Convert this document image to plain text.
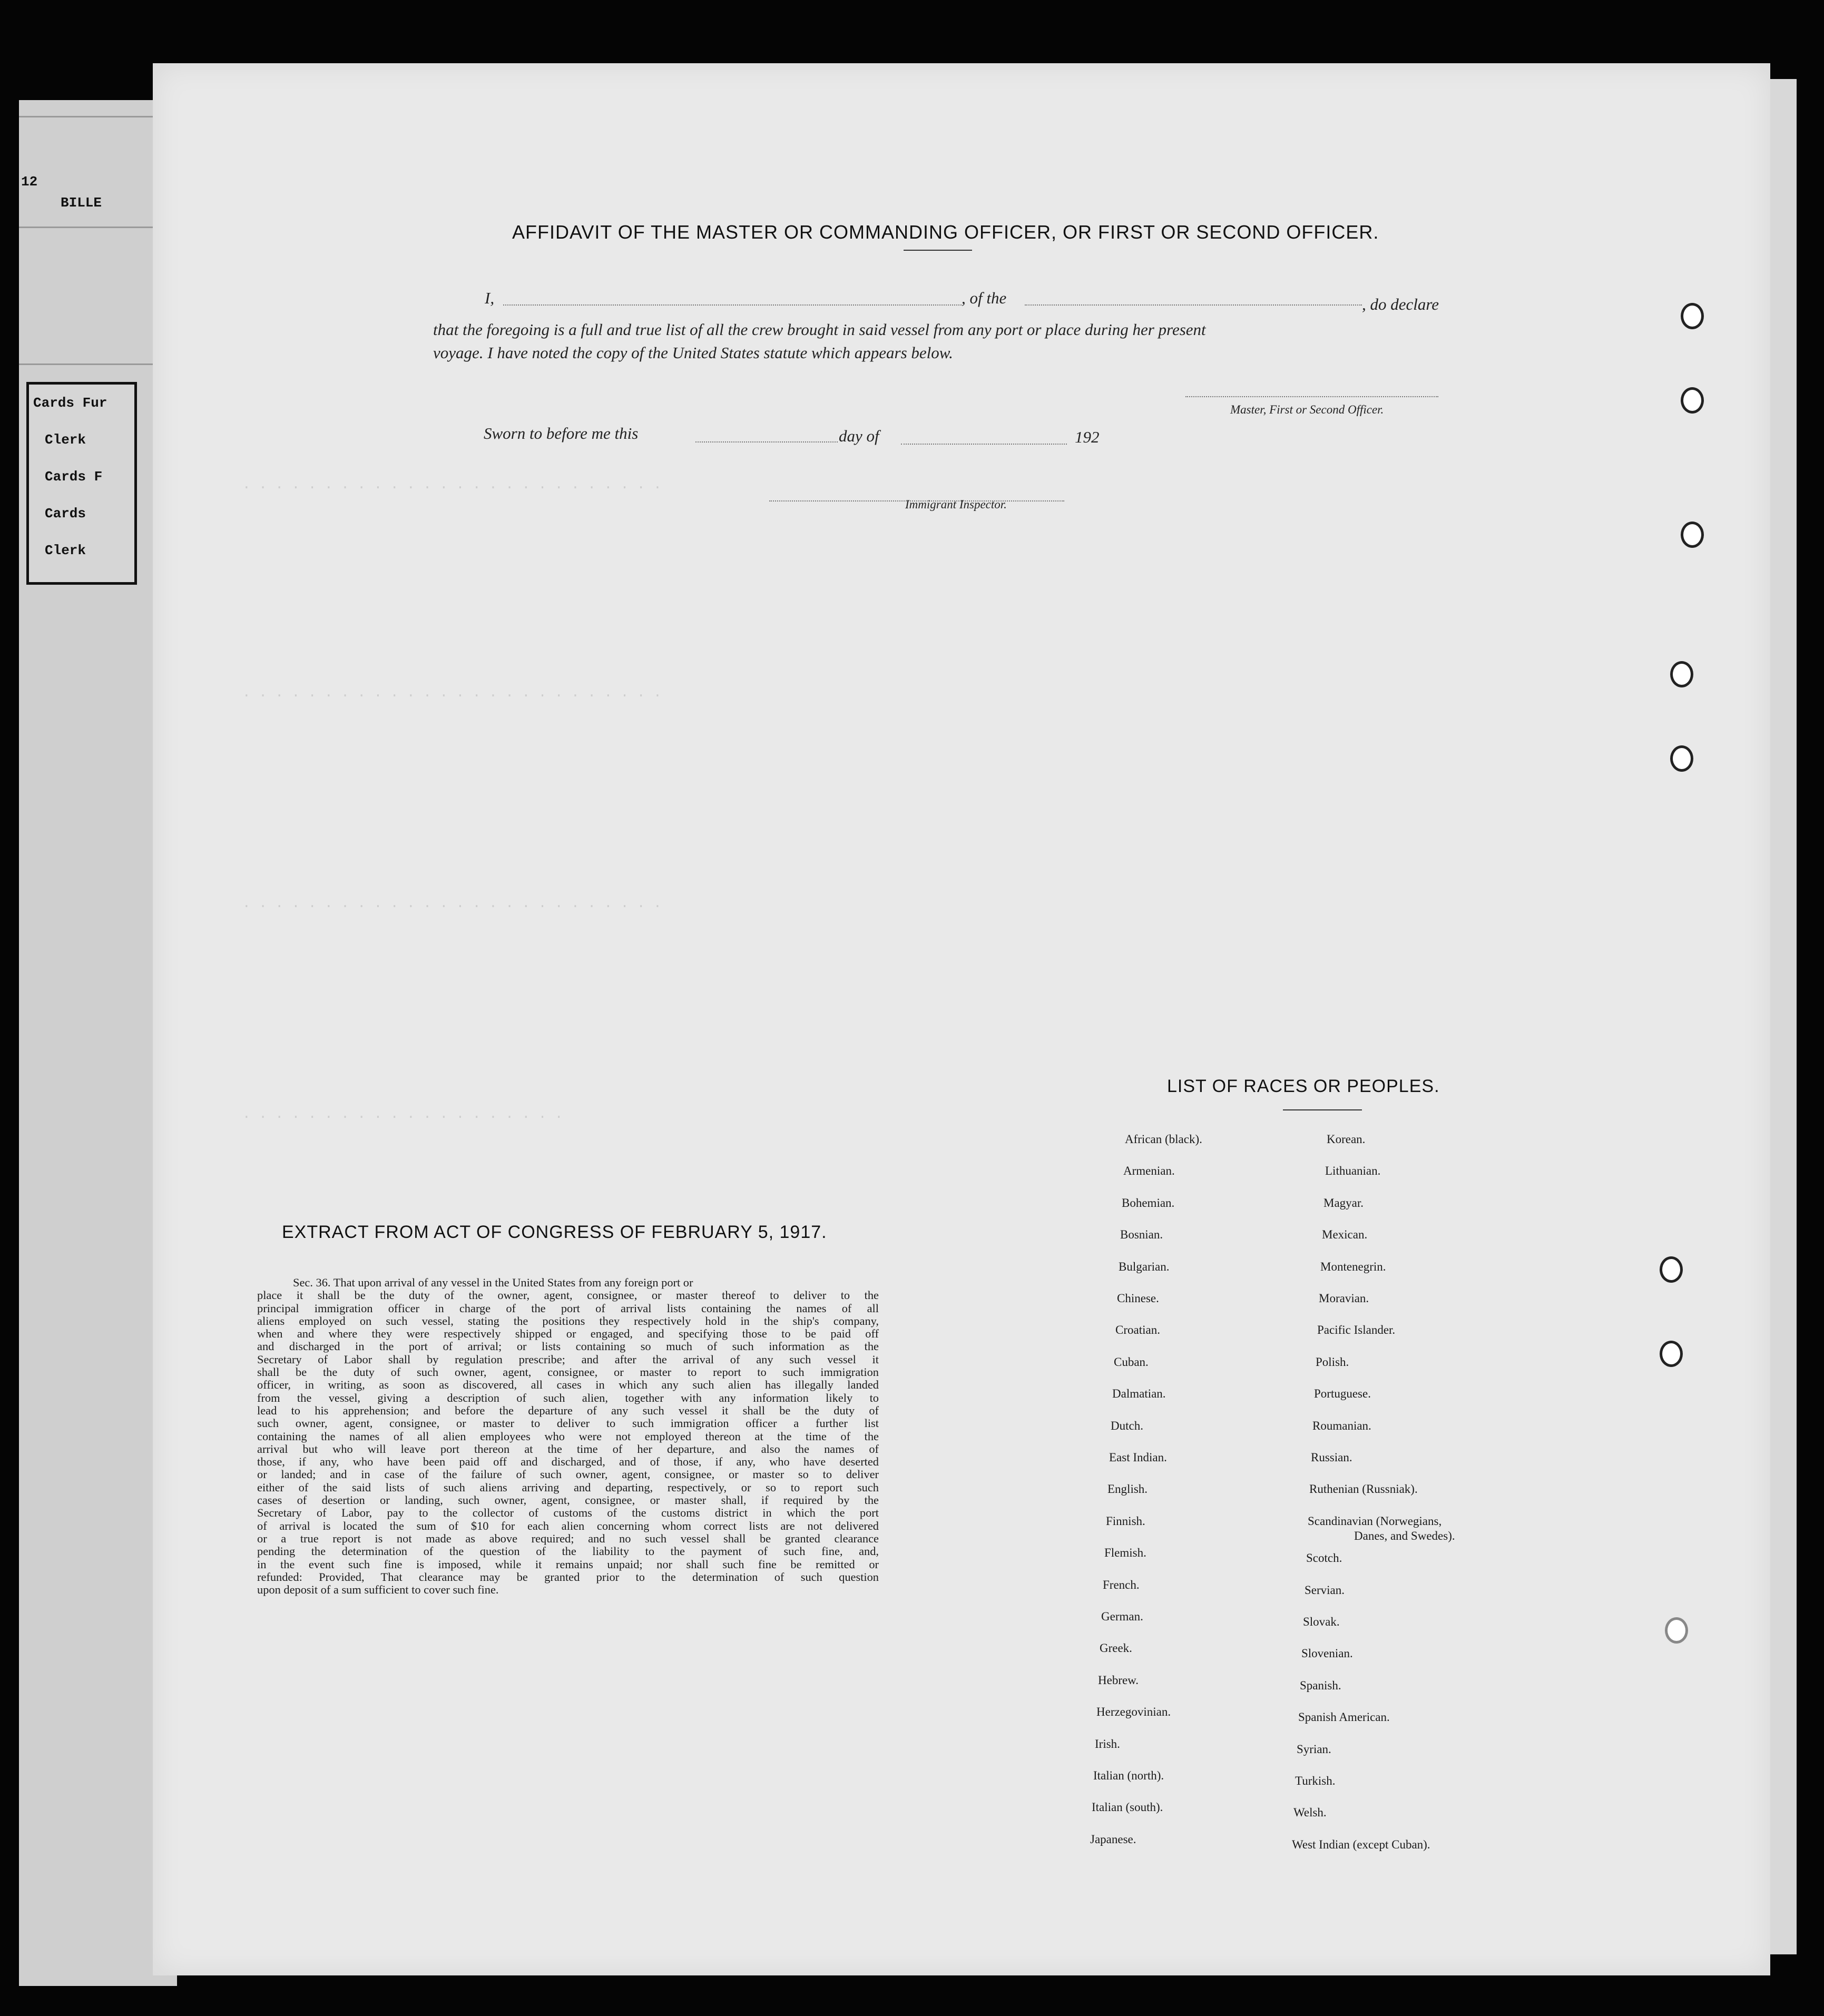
12
BILLE
Cards Fur
Clerk
Cards F
Cards
Clerk
. . . . . . . . . . . . . . . . . . . . . . . . . .
. . . . . . . . . . . . . . . . . . . . . . . . . .
. . . . . . . . . . . . . . . . . . . . . . . . . .
. . . . . . . . . . . . . . . . . . . .
AFFIDAVIT OF THE MASTER OR COMMANDING OFFICER, OR FIRST OR SECOND OFFICER.
I,	, of the	, do declare
that the foregoing is a full and true list of all the crew brought in said vessel from any port or place during her present
voyage. I have noted the copy of the United States statute which appears below.
Master, First or Second Officer.
Sworn to before me this	day of	192
Immigrant Inspector.
EXTRACT FROM ACT OF CONGRESS OF FEBRUARY 5, 1917.
Sec. 36. That upon arrival of any vessel in the United States from any foreign port or
place it shall be the duty of the owner, agent, consignee, or master thereof to deliver to the
principal immigration officer in charge of the port of arrival lists containing the names of all
aliens employed on such vessel, stating the positions they respectively hold in the ship's company,
when and where they were respectively shipped or engaged, and specifying those to be paid off
and discharged in the port of arrival; or lists containing so much of such information as the
Secretary of Labor shall by regulation prescribe; and after the arrival of any such vessel it
shall be the duty of such owner, agent, consignee, or master to report to such immigration
officer, in writing, as soon as discovered, all cases in which any such alien has illegally landed
from the vessel, giving a description of such alien, together with any information likely to
lead to his apprehension; and before the departure of any such vessel it shall be the duty of
such owner, agent, consignee, or master to deliver to such immigration officer a further list
containing the names of all alien employees who were not employed thereon at the time of the
arrival but who will leave port thereon at the time of her departure, and also the names of
those, if any, who have been paid off and discharged, and of those, if any, who have deserted
or landed; and in case of the failure of such owner, agent, consignee, or master so to deliver
either of the said lists of such aliens arriving and departing, respectively, or so to report such
cases of desertion or landing, such owner, agent, consignee, or master shall, if required by the
Secretary of Labor, pay to the collector of customs of the customs district in which the port
of arrival is located the sum of $10 for each alien concerning whom correct lists are not delivered
or a true report is not made as above required; and no such vessel shall be granted clearance
pending the determination of the question of the liability to the payment of such fine, and,
in the event such fine is imposed, while it remains unpaid; nor shall such fine be remitted or
refunded: Provided, That clearance may be granted prior to the determination of such question
upon deposit of a sum sufficient to cover such fine.
LIST OF RACES OR PEOPLES.
African (black).
Armenian.
Bohemian.
Bosnian.
Bulgarian.
Chinese.
Croatian.
Cuban.
Dalmatian.
Dutch.
East Indian.
English.
Finnish.
Flemish.
French.
German.
Greek.
Hebrew.
Herzegovinian.
Irish.
Italian (north).
Italian (south).
Japanese.
Korean.
Lithuanian.
Magyar.
Mexican.
Montenegrin.
Moravian.
Pacific Islander.
Polish.
Portuguese.
Roumanian.
Russian.
Ruthenian (Russniak).
Scandinavian (Norwegians,
Danes, and Swedes).
Scotch.
Servian.
Slovak.
Slovenian.
Spanish.
Spanish American.
Syrian.
Turkish.
Welsh.
West Indian (except Cuban).
